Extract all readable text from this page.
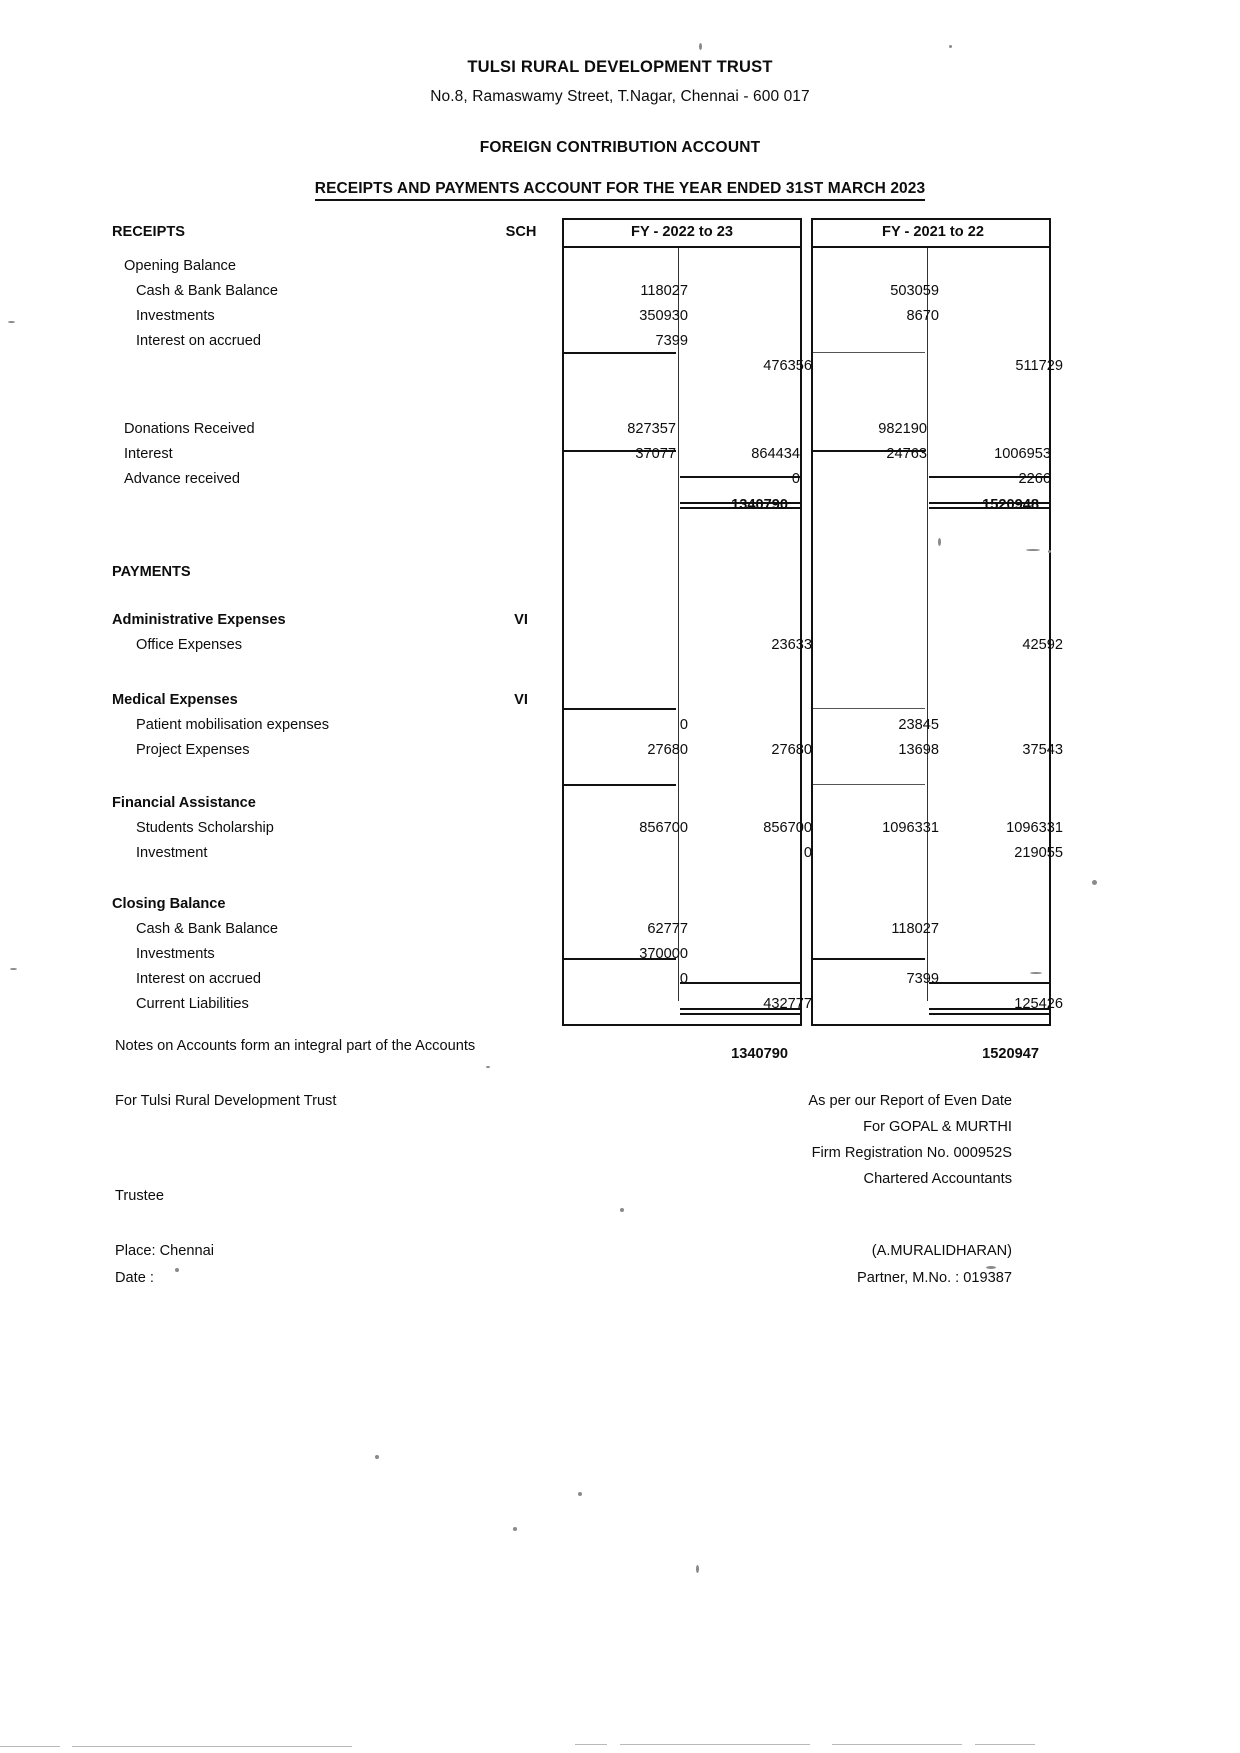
TULSI RURAL DEVELOPMENT TRUST
No.8, Ramaswamy Street, T.Nagar, Chennai - 600 017
FOREIGN CONTRIBUTION ACCOUNT
RECEIPTS AND PAYMENTS ACCOUNT FOR THE YEAR ENDED 31ST MARCH 2023
RECEIPTS	SCH	FY - 2022 to 23	FY - 2021 to 22
Opening Balance
Cash & Bank Balance	118027	503059
Investments	350930	8670
Interest on accrued	7399
476356	511729
Donations Received	827357	982190
Interest	37077	864434	24763	1006953
Advance received	0	2266
1340790	1520948
PAYMENTS
Administrative Expenses	VI
Office Expenses	23633	42592
Medical Expenses	VI
Patient mobilisation expenses	0	23845
Project Expenses	27680	27680	13698	37543
Financial Assistance
Students Scholarship	856700	856700	1096331	1096331
Investment	0	219055
Closing Balance
Cash & Bank Balance	62777	118027
Investments	370000
Interest on accrued	0	7399
Current Liabilities	432777	125426
1340790	1520947
Notes on Accounts form an integral part of the Accounts
For Tulsi Rural Development Trust	As per our Report of Even Date
For GOPAL & MURTHI
Firm Registration No. 000952S
Chartered Accountants
Trustee
Place: Chennai
Date :
(A.MURALIDHARAN)
Partner, M.No. : 019387
